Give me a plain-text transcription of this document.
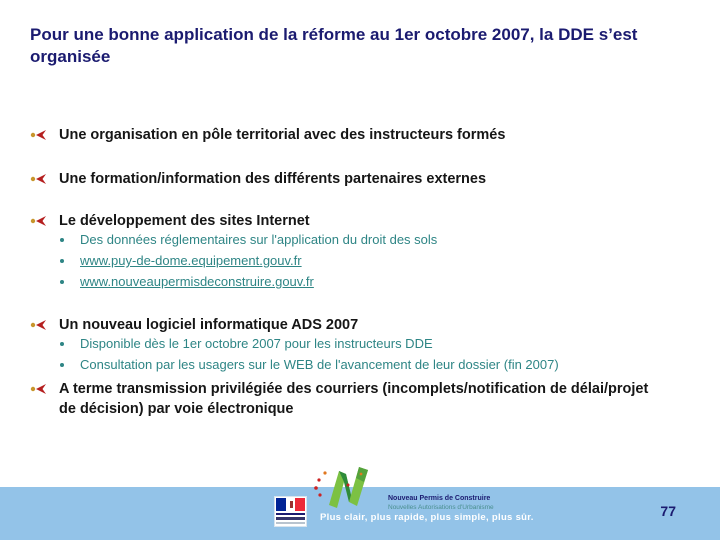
Pour une bonne application de la réforme au 1er octobre 2007, la DDE s’est organisée
Une organisation en pôle territorial avec des instructeurs formés
Une formation/information des différents partenaires externes
Le développement des sites Internet
Des données réglementaires sur l'application du droit des sols
www.puy-de-dome.equipement.gouv.fr
www.nouveaupermisdeconstruire.gouv.fr
Un nouveau logiciel informatique ADS 2007
Disponible dès le 1er octobre 2007 pour les instructeurs DDE
Consultation par les usagers sur le WEB de l'avancement de leur dossier (fin 2007)
A terme transmission privilégiée des courriers (incomplets/notification de délai/projet de décision) par voie électronique
Nouveau Permis de Construire
Nouvelles Autorisations d'Urbanisme
Plus clair, plus rapide, plus simple, plus sûr.	77
